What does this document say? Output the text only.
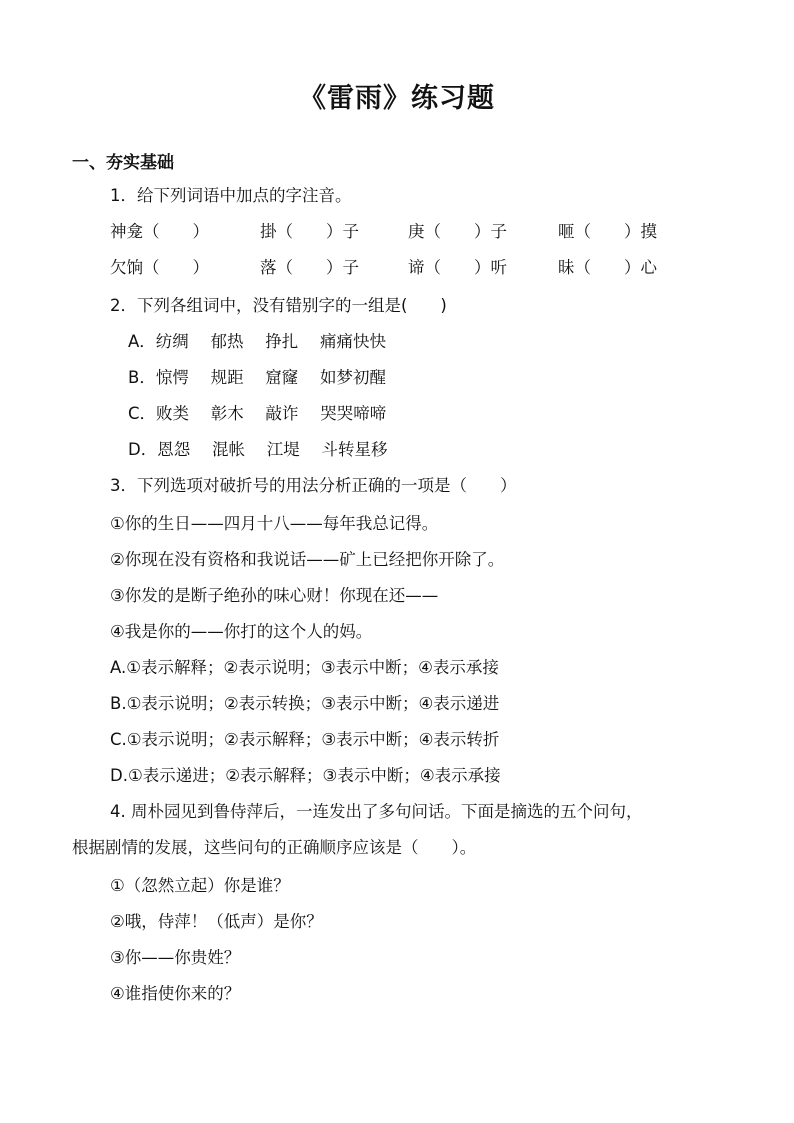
《雷雨》练习题
一、夯实基础
1．给下列词语中加点的字注音。
神龛（　　）	掛（　　）子	庚（　　）子	咂（　　）摸
欠饷（　　）	落（　　）子	谛（　　）听	昧（　　）心
2．下列各组词中，没有错别字的一组是(　　)
A．纺绸　 郁热　 挣扎　 痛痛快快
B．惊愕　 规距　 窟窿　 如梦初醒
C．败类　 彰木　 敲诈　 哭哭啼啼
D．恩怨　 混帐　 江堤　 斗转星移
3．下列选项对破折号的用法分析正确的一项是（　　）
①你的生日——四月十八——每年我总记得。
②你现在没有资格和我说话——矿上已经把你开除了。
③你发的是断子绝孙的味心财！你现在还——
④我是你的——你打的这个人的妈。
A.①表示解释；②表示说明；③表示中断；④表示承接
B.①表示说明；②表示转换；③表示中断；④表示递进
C.①表示说明；②表示解释；③表示中断；④表示转折
D.①表示递进；②表示解释；③表示中断；④表示承接
4. 周朴园见到鲁侍萍后，一连发出了多句问话。下面是摘选的五个问句，
根据剧情的发展，这些问句的正确顺序应该是（　　）。
①（忽然立起）你是谁？
②哦，侍萍！（低声）是你？
③你——你贵姓？
④谁指使你来的？
